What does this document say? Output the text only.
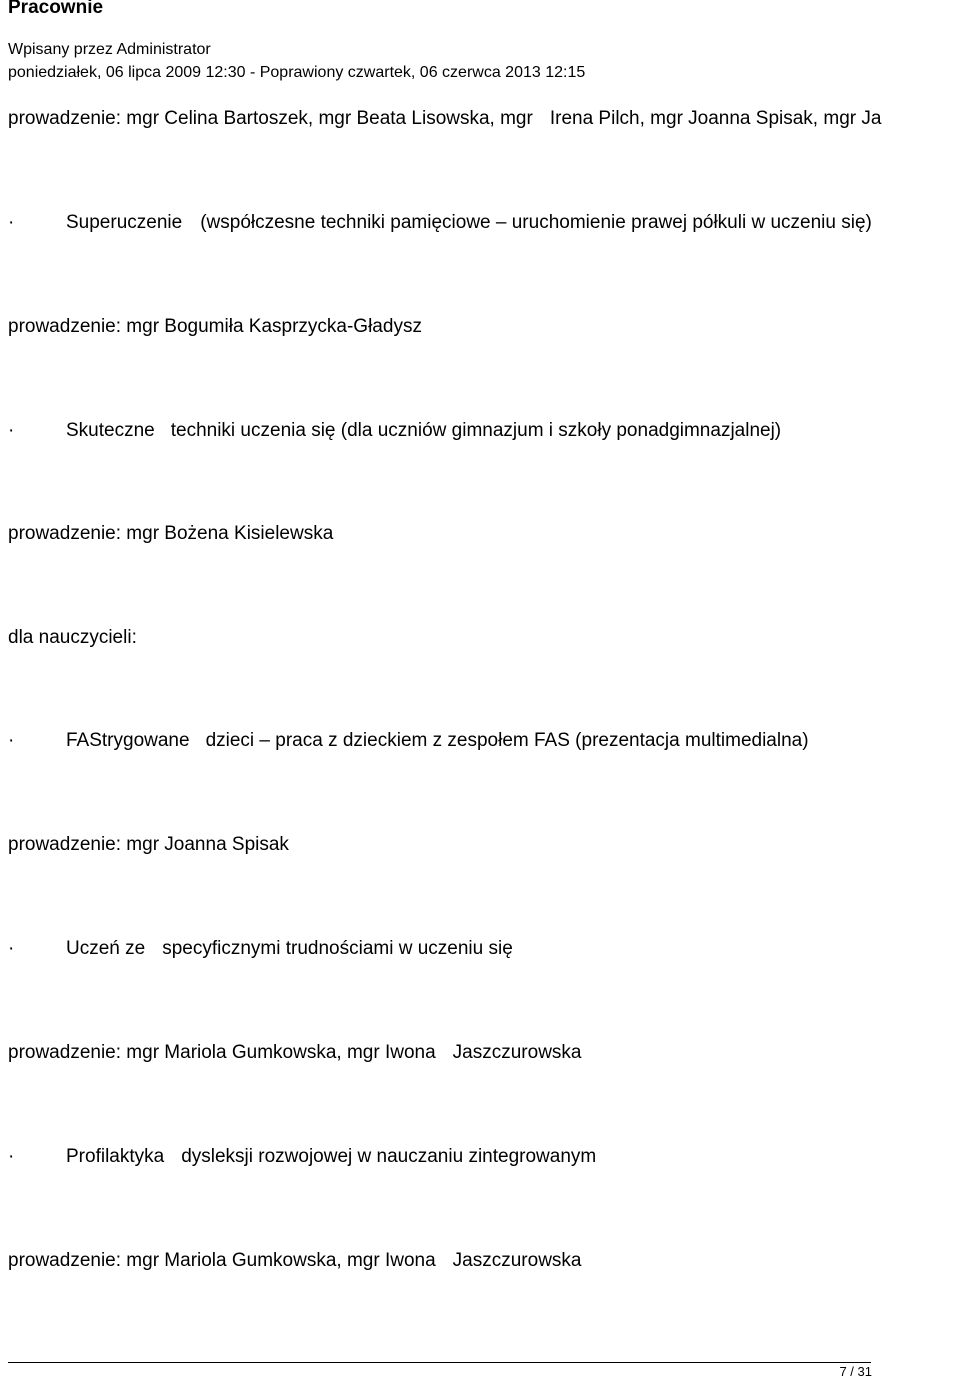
Pracownie
Wpisany przez Administrator
poniedziałek, 06 lipca 2009 12:30 - Poprawiony czwartek, 06 czerwca 2013 12:15
prowadzenie: mgr Celina Bartoszek, mgr Beata Lisowska, mgr Irena Pilch, mgr Joanna Spisak, mgr Ja
·	Superuczenie (współczesne techniki pamięciowe – uruchomienie prawej półkuli w uczeniu się)
prowadzenie: mgr Bogumiła Kasprzycka-Gładysz
·	Skuteczne techniki uczenia się (dla uczniów gimnazjum i szkoły ponadgimnazjalnej)
prowadzenie: mgr Bożena Kisielewska
dla nauczycieli:
·	FAStrygowane dzieci – praca z dzieckiem z zespołem FAS (prezentacja multimedialna)
prowadzenie: mgr Joanna Spisak
·	Uczeń ze specyficznymi trudnościami w uczeniu się
prowadzenie: mgr Mariola Gumkowska, mgr Iwona Jaszczurowska
·	Profilaktyka dysleksji rozwojowej w nauczaniu zintegrowanym
prowadzenie: mgr Mariola Gumkowska, mgr Iwona Jaszczurowska
7 / 31
